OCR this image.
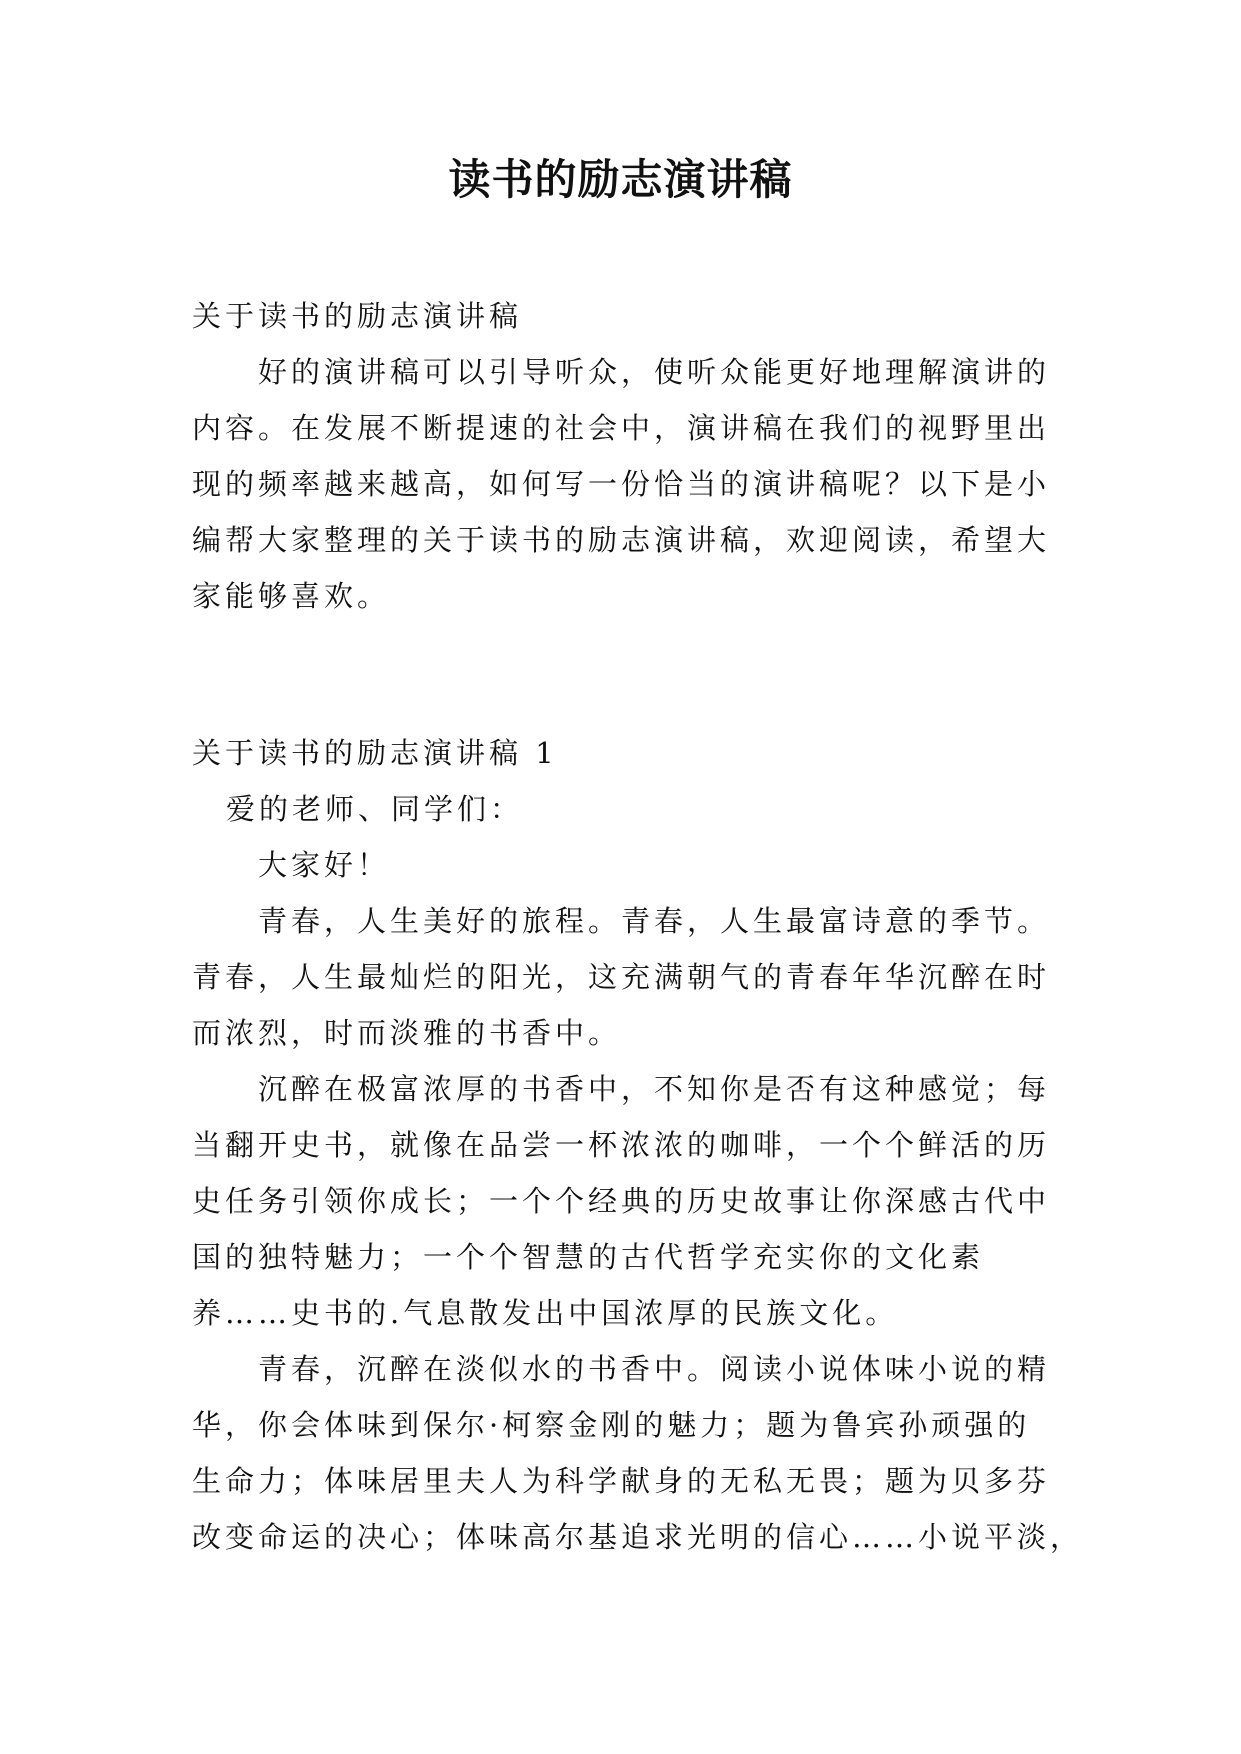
读书的励志演讲稿
关于读书的励志演讲稿
好的演讲稿可以引导听众，使听众能更好地理解演讲的
内容。在发展不断提速的社会中，演讲稿在我们的视野里出
现的频率越来越高，如何写一份恰当的演讲稿呢？以下是小
编帮大家整理的关于读书的励志演讲稿，欢迎阅读，希望大
家能够喜欢。
关于读书的励志演讲稿 1
爱的老师、同学们：
大家好！
青春，人生美好的旅程。青春，人生最富诗意的季节。
青春，人生最灿烂的阳光，这充满朝气的青春年华沉醉在时
而浓烈，时而淡雅的书香中。
沉醉在极富浓厚的书香中，不知你是否有这种感觉；每
当翻开史书，就像在品尝一杯浓浓的咖啡，一个个鲜活的历
史任务引领你成长；一个个经典的历史故事让你深感古代中
国的独特魅力；一个个智慧的古代哲学充实你的文化素
养……史书的.气息散发出中国浓厚的民族文化。
青春，沉醉在淡似水的书香中。阅读小说体味小说的精
华，你会体味到保尔·柯察金刚的魅力；题为鲁宾孙顽强的
生命力；体味居里夫人为科学献身的无私无畏；题为贝多芬
改变命运的决心；体味高尔基追求光明的信心……小说平淡，
